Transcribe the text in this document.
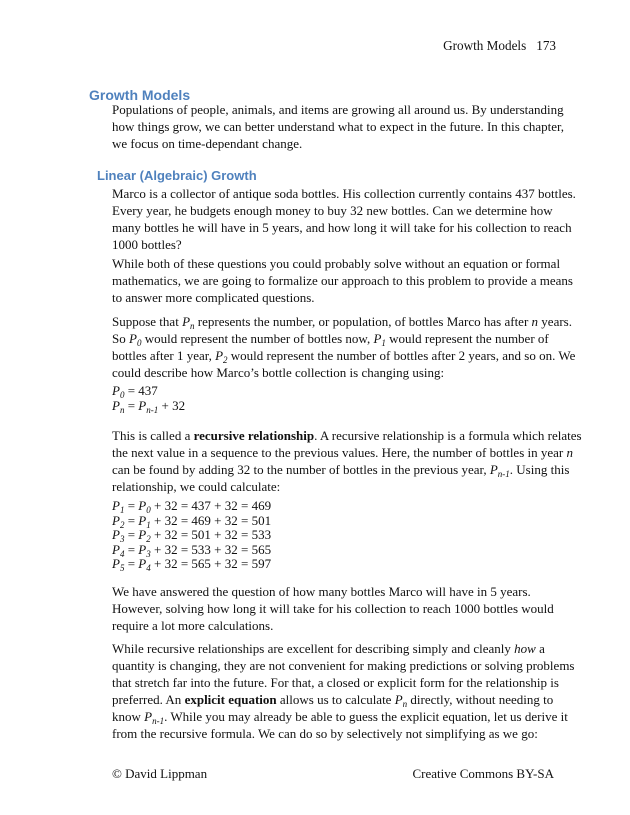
Growth Models 173
Growth Models

Populations of people, animals, and items are growing all around us. By understanding how things grow, we can better understand what to expect in the future. In this chapter, we focus on time-dependant change.

Linear (Algebraic) Growth

Marco is a collector of antique soda bottles. His collection currently contains 437 bottles. Every year, he budgets enough money to buy 32 new bottles. Can we determine how many bottles he will have in 5 years, and how long it will take for his collection to reach 1000 bottles?

While both of these questions you could probably solve without an equation or formal mathematics, we are going to formalize our approach to this problem to provide a means to answer more complicated questions.

Suppose that $P_n$ represents the number, or population, of bottles Marco has after n years. So $P_0$ would represent the number of bottles now, $P_1$ would represent the number of bottles after 1 year, $P_2$ would represent the number of bottles after 2 years, and so on. We could describe how Marco’s bottle collection is changing using:

$P_0 = 437$
$P_n = P_{n-1} + 32$

This is called a recursive relationship. A recursive relationship is a formula which relates the next value in a sequence to the previous values. Here, the number of bottles in year n can be found by adding 32 to the number of bottles in the previous year, $P_{n-1}$. Using this relationship, we could calculate:

$P_1 = P_0 + 32 = 437 + 32 = 469$
$P_2 = P_1 + 32 = 469 + 32 = 501$
$P_3 = P_2 + 32 = 501 + 32 = 533$
$P_4 = P_3 + 32 = 533 + 32 = 565$
$P_5 = P_4 + 32 = 565 + 32 = 597$

We have answered the question of how many bottles Marco will have in 5 years. However, solving how long it will take for his collection to reach 1000 bottles would require a lot more calculations.

While recursive relationships are excellent for describing simply and cleanly how a quantity is changing, they are not convenient for making predictions or solving problems that stretch far into the future. For that, a closed or explicit form for the relationship is preferred. An explicit equation allows us to calculate $P_n$ directly, without needing to know $P_{n-1}$. While you may already be able to guess the explicit equation, let us derive it from the recursive formula. We can do so by selectively not simplifying as we go:

© David Lippman	Creative Commons BY-SA
